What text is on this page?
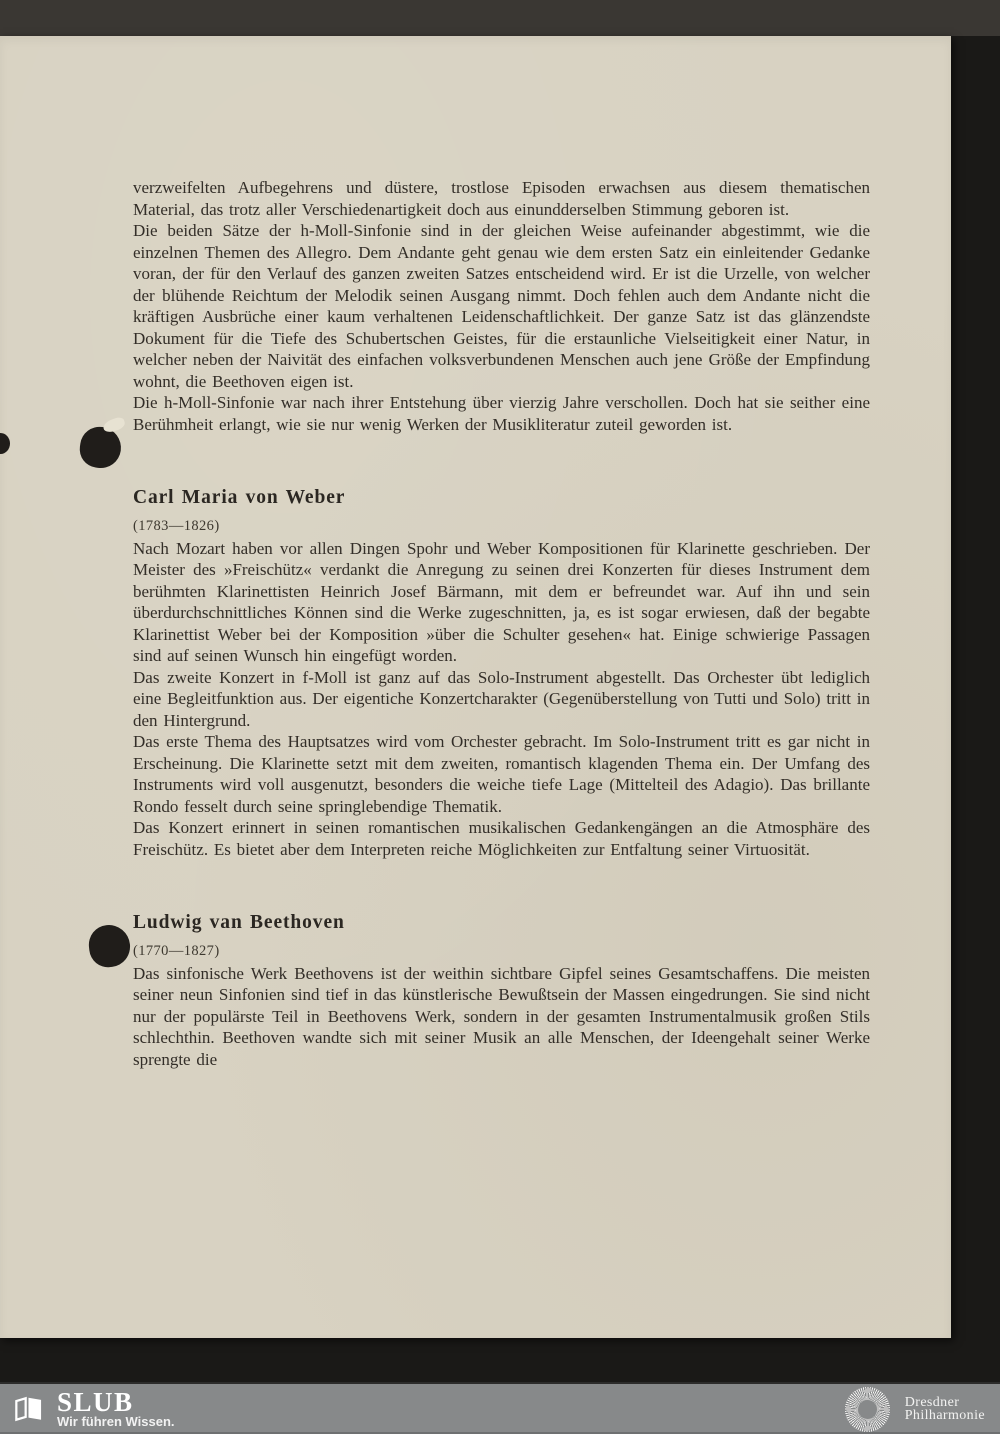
verzweifelten Aufbegehrens und düstere, trostlose Episoden erwachsen aus diesem thematischen Material, das trotz aller Verschiedenartigkeit doch aus einundderselben Stimmung geboren ist.

Die beiden Sätze der h-Moll-Sinfonie sind in der gleichen Weise aufeinander abgestimmt, wie die einzelnen Themen des Allegro. Dem Andante geht genau wie dem ersten Satz ein einleitender Gedanke voran, der für den Verlauf des ganzen zweiten Satzes entscheidend wird. Er ist die Urzelle, von welcher der blühende Reichtum der Melodik seinen Ausgang nimmt. Doch fehlen auch dem Andante nicht die kräftigen Ausbrüche einer kaum verhaltenen Leidenschaftlichkeit. Der ganze Satz ist das glänzendste Dokument für die Tiefe des Schubertschen Geistes, für die erstaunliche Vielseitigkeit einer Natur, in welcher neben der Naivität des einfachen volksverbundenen Menschen auch jene Größe der Empfindung wohnt, die Beethoven eigen ist.

Die h-Moll-Sinfonie war nach ihrer Entstehung über vierzig Jahre verschollen. Doch hat sie seither eine Berühmheit erlangt, wie sie nur wenig Werken der Musikliteratur zuteil geworden ist.

Carl Maria von Weber
(1783—1826)

Nach Mozart haben vor allen Dingen Spohr und Weber Kompositionen für Klarinette geschrieben. Der Meister des »Freischütz« verdankt die Anregung zu seinen drei Konzerten für dieses Instrument dem berühmten Klarinettisten Heinrich Josef Bärmann, mit dem er befreundet war. Auf ihn und sein überdurchschnittliches Können sind die Werke zugeschnitten, ja, es ist sogar erwiesen, daß der begabte Klarinettist Weber bei der Komposition »über die Schulter gesehen« hat. Einige schwierige Passagen sind auf seinen Wunsch hin eingefügt worden.

Das zweite Konzert in f-Moll ist ganz auf das Solo-Instrument abgestellt. Das Orchester übt lediglich eine Begleitfunktion aus. Der eigentiche Konzertcharakter (Gegenüberstellung von Tutti und Solo) tritt in den Hintergrund.

Das erste Thema des Hauptsatzes wird vom Orchester gebracht. Im Solo-Instrument tritt es gar nicht in Erscheinung. Die Klarinette setzt mit dem zweiten, romantisch klagenden Thema ein. Der Umfang des Instruments wird voll ausgenutzt, besonders die weiche tiefe Lage (Mittelteil des Adagio). Das brillante Rondo fesselt durch seine springlebendige Thematik.

Das Konzert erinnert in seinen romantischen musikalischen Gedankengängen an die Atmosphäre des Freischütz. Es bietet aber dem Interpreten reiche Möglichkeiten zur Entfaltung seiner Virtuosität.

Ludwig van Beethoven
(1770—1827)

Das sinfonische Werk Beethovens ist der weithin sichtbare Gipfel seines Gesamtschaffens. Die meisten seiner neun Sinfonien sind tief in das künstlerische Bewußtsein der Massen eingedrungen. Sie sind nicht nur der populärste Teil in Beethovens Werk, sondern in der gesamten Instrumentalmusik großen Stils schlechthin. Beethoven wandte sich mit seiner Musik an alle Menschen, der Ideengehalt seiner Werke sprengte die

SLUB
Wir führen Wissen.
Dresdner
Philharmonie
